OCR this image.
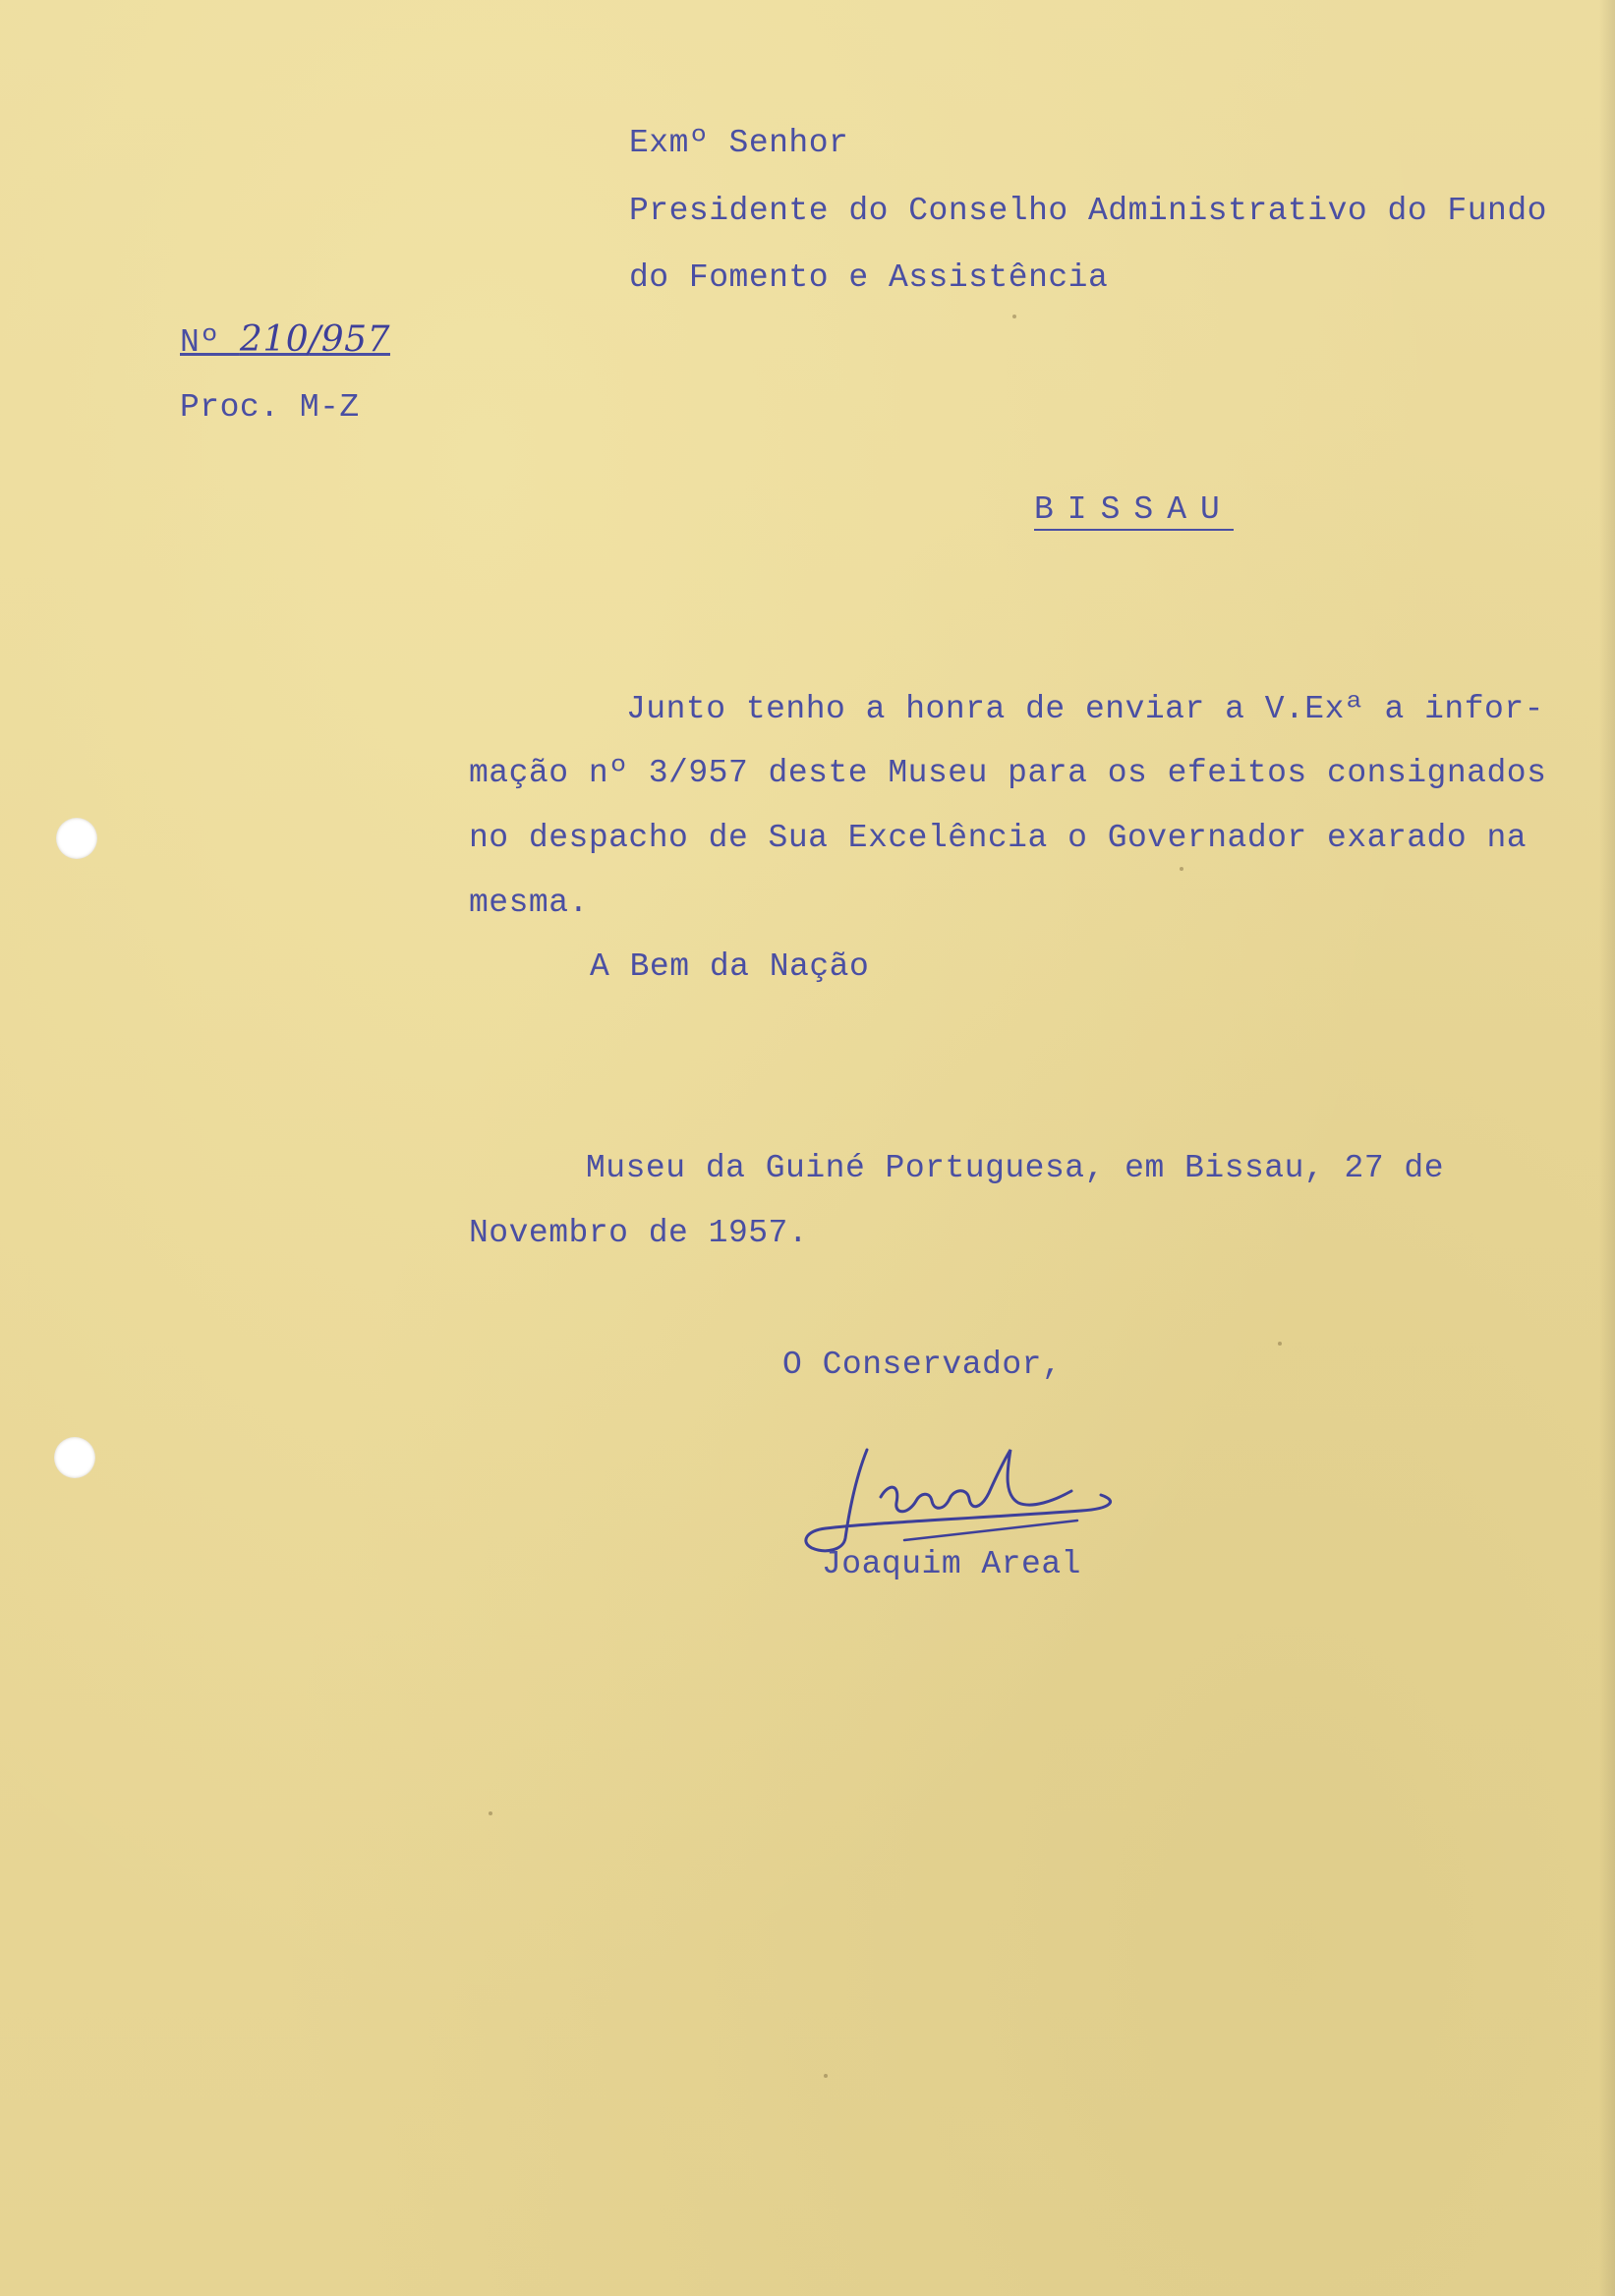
Exmº Senhor
Presidente do Conselho Administrativo do Fundo
do Fomento e Assistência
Nº 210/957
Proc. M-Z
BISSAU
Junto tenho a honra de enviar a V.Exª a infor-
mação nº 3/957 deste Museu para os efeitos consignados
no despacho de Sua Excelência o Governador exarado na
mesma.
A Bem da Nação
Museu da Guiné Portuguesa, em Bissau, 27 de
Novembro de 1957.
O Conservador,
Joaquim Areal
